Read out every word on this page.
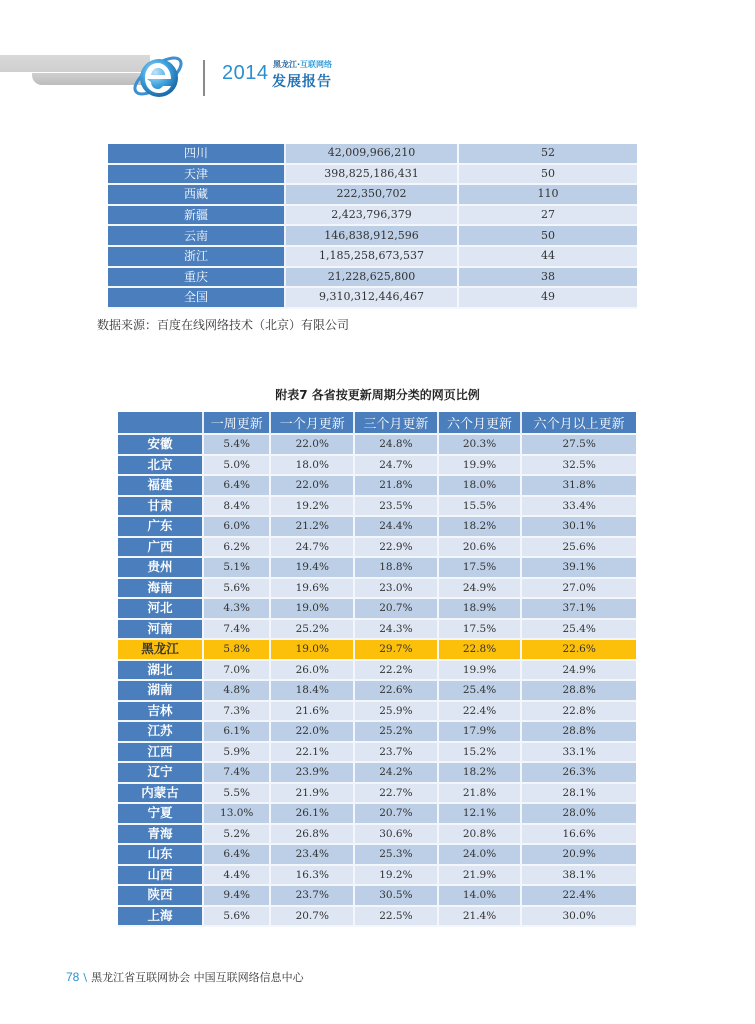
2014 黑龙江·互联网络
发展报告
四川	42,009,966,210	52
天津	398,825,186,431	50
西藏	222,350,702	110
新疆	2,423,796,379	27
云南	146,838,912,596	50
浙江	1,185,258,673,537	44
重庆	21,228,625,800	38
全国	9,310,312,446,467	49
数据来源：百度在线网络技术（北京）有限公司
附表7 各省按更新周期分类的网页比例
	一周更新	一个月更新	三个月更新	六个月更新	六个月以上更新
安徽	5.4%	22.0%	24.8%	20.3%	27.5%
北京	5.0%	18.0%	24.7%	19.9%	32.5%
福建	6.4%	22.0%	21.8%	18.0%	31.8%
甘肃	8.4%	19.2%	23.5%	15.5%	33.4%
广东	6.0%	21.2%	24.4%	18.2%	30.1%
广西	6.2%	24.7%	22.9%	20.6%	25.6%
贵州	5.1%	19.4%	18.8%	17.5%	39.1%
海南	5.6%	19.6%	23.0%	24.9%	27.0%
河北	4.3%	19.0%	20.7%	18.9%	37.1%
河南	7.4%	25.2%	24.3%	17.5%	25.4%
黑龙江	5.8%	19.0%	29.7%	22.8%	22.6%
湖北	7.0%	26.0%	22.2%	19.9%	24.9%
湖南	4.8%	18.4%	22.6%	25.4%	28.8%
吉林	7.3%	21.6%	25.9%	22.4%	22.8%
江苏	6.1%	22.0%	25.2%	17.9%	28.8%
江西	5.9%	22.1%	23.7%	15.2%	33.1%
辽宁	7.4%	23.9%	24.2%	18.2%	26.3%
内蒙古	5.5%	21.9%	22.7%	21.8%	28.1%
宁夏	13.0%	26.1%	20.7%	12.1%	28.0%
青海	5.2%	26.8%	30.6%	20.8%	16.6%
山东	6.4%	23.4%	25.3%	24.0%	20.9%
山西	4.4%	16.3%	19.2%	21.9%	38.1%
陕西	9.4%	23.7%	30.5%	14.0%	22.4%
上海	5.6%	20.7%	22.5%	21.4%	30.0%
78 \ 黑龙江省互联网协会 中国互联网络信息中心
